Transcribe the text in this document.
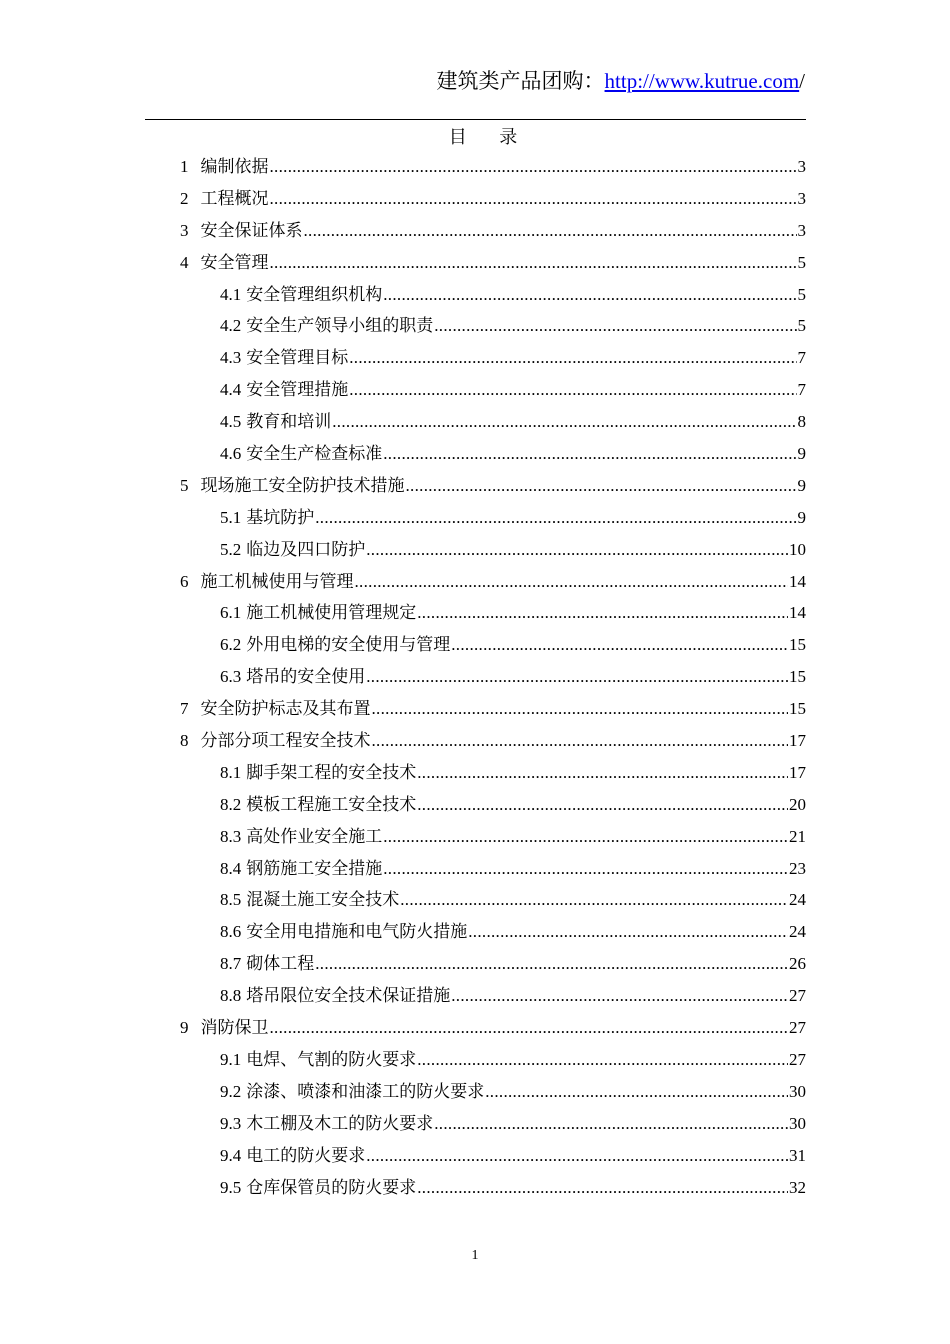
建筑类产品团购：http://www.kutrue.com/
目 录
1 编制依据 .....	3
2 工程概况 .....	3
3 安全保证体系 .....	3
4 安全管理 .....	5
4.1 安全管理组织机构 .....	5
4.2 安全生产领导小组的职责 .....	5
4.3 安全管理目标 .....	7
4.4 安全管理措施 .....	7
4.5 教育和培训 .....	8
4.6 安全生产检查标准 .....	9
5 现场施工安全防护技术措施 .....	9
5.1 基坑防护 .....	9
5.2 临边及四口防护 .....	10
6 施工机械使用与管理 .....	14
6.1 施工机械使用管理规定 .....	14
6.2 外用电梯的安全使用与管理 .....	15
6.3 塔吊的安全使用 .....	15
7 安全防护标志及其布置 .....	15
8 分部分项工程安全技术 .....	17
8.1 脚手架工程的安全技术 .....	17
8.2 模板工程施工安全技术 .....	20
8.3 高处作业安全施工 .....	21
8.4 钢筋施工安全措施 .....	23
8.5 混凝土施工安全技术 .....	24
8.6 安全用电措施和电气防火措施 .....	24
8.7 砌体工程 .....	26
8.8 塔吊限位安全技术保证措施 .....	27
9 消防保卫 .....	27
9.1 电焊、气割的防火要求 .....	27
9.2 涂漆、喷漆和油漆工的防火要求 .....	30
9.3 木工棚及木工的防火要求 .....	30
9.4 电工的防火要求 .....	31
9.5 仓库保管员的防火要求 .....	32
1
